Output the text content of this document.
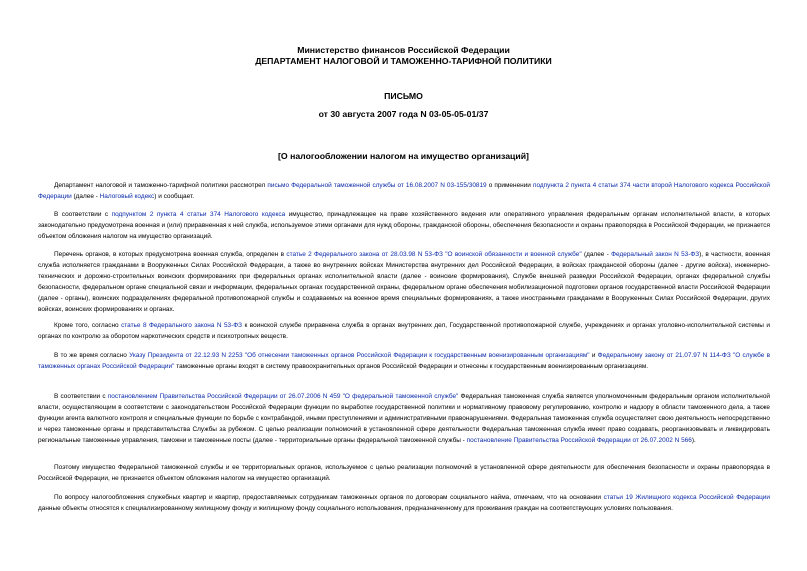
Министерство финансов Российской Федерации
ДЕПАРТАМЕНТ НАЛОГОВОЙ И ТАМОЖЕННО-ТАРИФНОЙ ПОЛИТИКИ
ПИСЬМО
от 30 августа 2007 года N 03-05-05-01/37
[О налогообложении налогом на имущество организаций]

Департамент налоговой и таможенно-тарифной политики рассмотрел письмо Федеральной таможенной службы от 16.08.2007 N 03-155/30819 о применении подпункта 2 пункта 4 статьи 374 части второй Налогового кодекса Российской Федерации (далее - Налоговый кодекс) и сообщает.

В соответствии с подпунктом 2 пункта 4 статьи 374 Налогового кодекса имущество, принадлежащее на праве хозяйственного ведения или оперативного управления федеральным органам исполнительной власти, в которых законодательно предусмотрена военная и (или) приравненная к ней служба, используемое этими органами для нужд обороны, гражданской обороны, обеспечения безопасности и охраны правопорядка в Российской Федерации, не признается объектом обложения налогом на имущество организаций.

Перечень органов, в которых предусмотрена военная служба, определен в статье 2 Федерального закона от 28.03.98 N 53-ФЗ "О воинской обязанности и военной службе" (далее - Федеральный закон N 53-ФЗ), в частности, военная служба исполняется гражданами в Вооруженных Силах Российской Федерации, а также во внутренних войсках Министерства внутренних дел Российской Федерации, в войсках гражданской обороны (далее - другие войска), инженерно-технических и дорожно-строительных воинских формированиях при федеральных органах исполнительной власти (далее - воинские формирования), Службе внешней разведки Российской Федерации, органах федеральной службы безопасности, федеральном органе специальной связи и информации, федеральных органах государственной охраны, федеральном органе обеспечения мобилизационной подготовки органов государственной власти Российской Федерации (далее - органы), воинских подразделениях федеральной противопожарной службы и создаваемых на военное время специальных формированиях, а также иностранными гражданами в Вооруженных Силах Российской Федерации, других войсках, воинских формированиях и органах.

Кроме того, согласно статье 8 Федерального закона N 53-ФЗ к воинской службе приравнена служба в органах внутренних дел, Государственной противопожарной службе, учреждениях и органах уголовно-исполнительной системы и органах по контролю за оборотом наркотических средств и психотропных веществ.

В то же время согласно Указу Президента от 22.12.93 N 2253 "Об отнесении таможенных органов Российской Федерации к государственным военизированным организациям" и Федеральному закону от 21.07.97 N 114-ФЗ "О службе в таможенных органах Российской Федерации" таможенные органы входят в систему правоохранительных органов Российской Федерации и отнесены к государственным военизированным организациям.

В соответствии с постановлением Правительства Российской Федерации от 26.07.2006 N 459 "О федеральной таможенной службе" Федеральная таможенная служба является уполномоченным федеральным органом исполнительной власти, осуществляющим в соответствии с законодательством Российской Федерации функции по выработке государственной политики и нормативному правовому регулированию, контролю и надзору в области таможенного дела, а также функции агента валютного контроля и специальные функции по борьбе с контрабандой, иными преступлениями и административными правонарушениями. Федеральная таможенная служба осуществляет свою деятельность непосредственно и через таможенные органы и представительства Службы за рубежом. С целью реализации полномочий в установленной сфере деятельности Федеральная таможенная служба имеет право создавать, реорганизовывать и ликвидировать региональные таможенные управления, таможни и таможенные посты (далее - территориальные органы федеральной таможенной службы - постановление Правительства Российской Федерации от 26.07.2002 N 566).

Поэтому имущество Федеральной таможенной службы и ее территориальных органов, используемое с целью реализации полномочий в установленной сфере деятельности для обеспечения безопасности и охраны правопорядка в Российской Федерации, не признается объектом обложения налогом на имущество организаций.

По вопросу налогообложения служебных квартир и квартир, предоставляемых сотрудникам таможенных органов по договорам социального найма, отмечаем, что на основании статьи 19 Жилищного кодекса Российской Федерации данные объекты относятся к специализированному жилищному фонду и жилищному фонду социального использования, предназначенному для проживания граждан на соответствующих условиях пользования.
